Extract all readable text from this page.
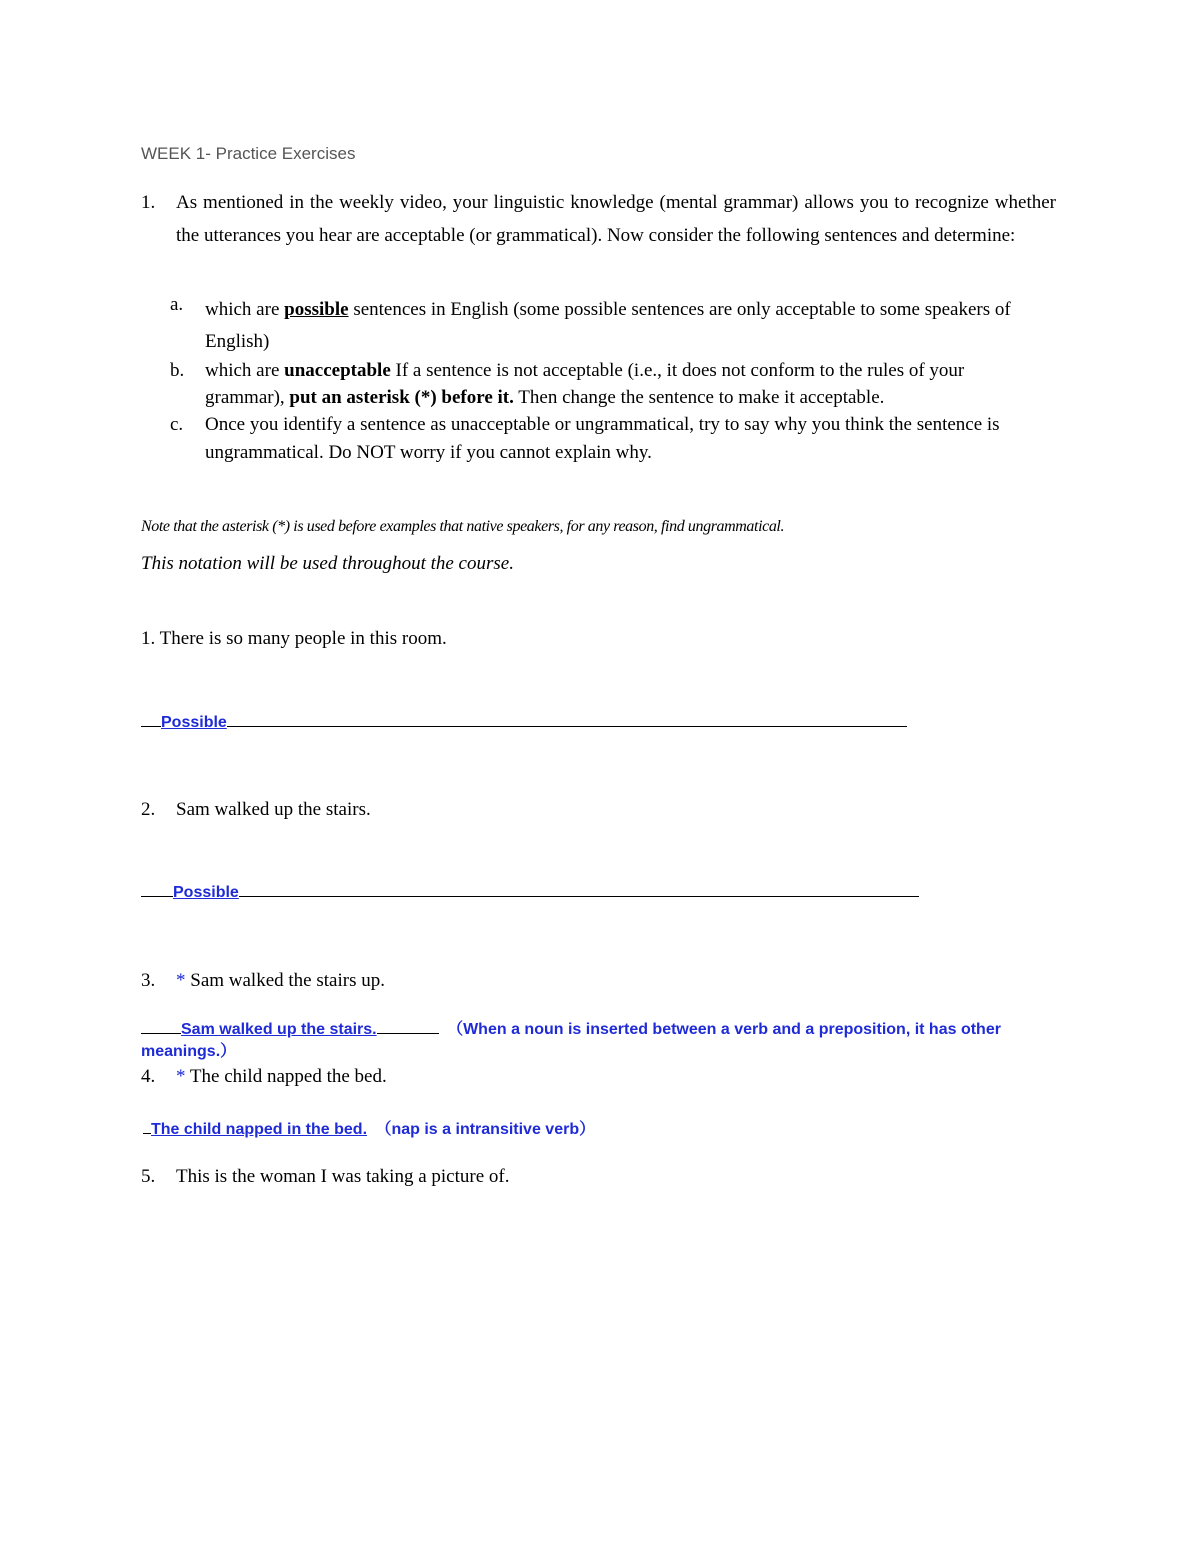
WEEK 1- Practice Exercises
1. As mentioned in the weekly video, your linguistic knowledge (mental grammar) allows you to recognize whether the utterances you hear are acceptable (or grammatical). Now consider the following sentences and determine:
a. which are possible sentences in English (some possible sentences are only acceptable to some speakers of English)
b. which are unacceptable If a sentence is not acceptable (i.e., it does not conform to the rules of your grammar), put an asterisk (*) before it. Then change the sentence to make it acceptable.
c. Once you identify a sentence as unacceptable or ungrammatical, try to say why you think the sentence is ungrammatical. Do NOT worry if you cannot explain why.
Note that the asterisk (*) is used before examples that native speakers, for any reason, find ungrammatical.
This notation will be used throughout the course.
1. There is so many people in this room.
Possible
2. Sam walked up the stairs.
Possible
3. * Sam walked the stairs up.
Sam walked up the stairs.	（When a noun is inserted between a verb and a preposition, it has other meanings.）
4. * The child napped the bed.
The child napped in the bed. （nap is a intransitive verb）
5. This is the woman I was taking a picture of.
